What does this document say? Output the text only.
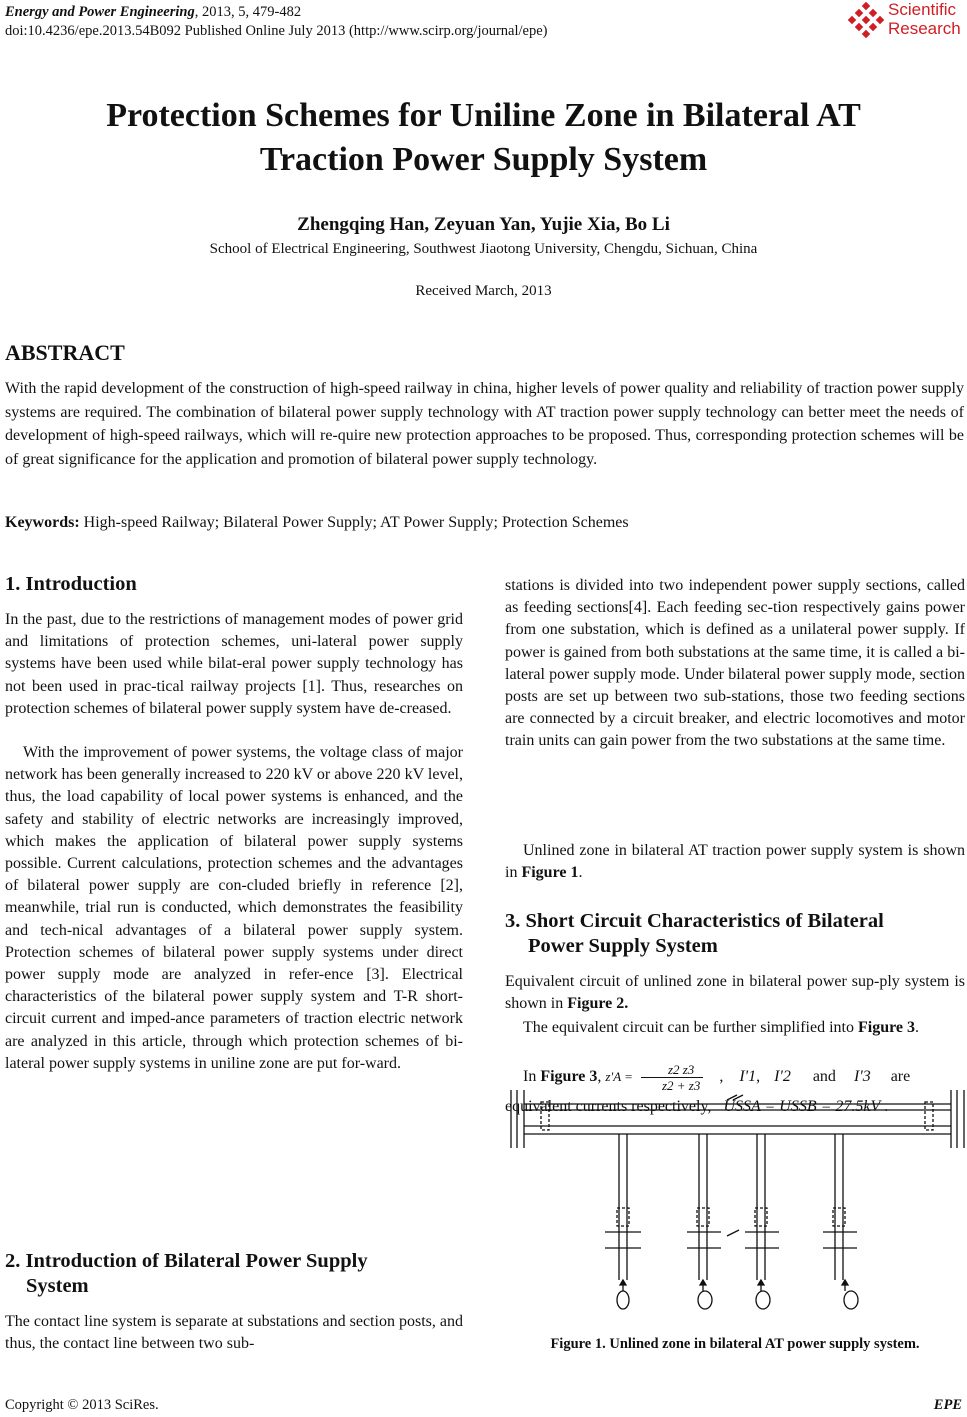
Energy and Power Engineering, 2013, 5, 479-482
doi:10.4236/epe.2013.54B092 Published Online July 2013 (http://www.scirp.org/journal/epe)
Scientific
Research
Protection Schemes for Uniline Zone in Bilateral AT Traction Power Supply System
Zhengqing Han, Zeyuan Yan, Yujie Xia, Bo Li
School of Electrical Engineering, Southwest Jiaotong University, Chengdu, Sichuan, China
Received March, 2013
ABSTRACT
With the rapid development of the construction of high-speed railway in china, higher levels of power quality and reliability of traction power supply systems are required. The combination of bilateral power supply technology with AT traction power supply technology can better meet the needs of development of high-speed railways, which will re-quire new protection approaches to be proposed. Thus, corresponding protection schemes will be of great significance for the application and promotion of bilateral power supply technology.
Keywords: High-speed Railway; Bilateral Power Supply; AT Power Supply; Protection Schemes
1. Introduction

In the past, due to the restrictions of management modes of power grid and limitations of protection schemes, uni-lateral power supply systems have been used while bilat-eral power supply technology has not been used in prac-tical railway projects [1]. Thus, researches on protection schemes of bilateral power supply system have de-creased.

With the improvement of power systems, the voltage class of major network has been generally increased to 220 kV or above 220 kV level, thus, the load capability of local power systems is enhanced, and the safety and stability of electric networks are increasingly improved, which makes the application of bilateral power supply systems possible. Current calculations, protection schemes and the advantages of bilateral power supply are con-cluded briefly in reference [2], meanwhile, trial run is conducted, which demonstrates the feasibility and tech-nical advantages of a bilateral power supply system. Protection schemes of bilateral power supply systems under direct power supply mode are analyzed in refer-ence [3]. Electrical characteristics of the bilateral power supply system and T-R short-circuit current and imped-ance parameters of traction electric network are analyzed in this article, through which protection schemes of bi-lateral power supply systems in uniline zone are put for-ward.

2. Introduction of Bilateral Power Supply
System

The contact line system is separate at substations and section posts, and thus, the contact line between two sub-

stations is divided into two independent power supply sections, called as feeding sections[4]. Each feeding sec-tion respectively gains power from one substation, which is defined as a unilateral power supply. If power is gained from both substations at the same time, it is called a bi- lateral power supply mode. Under bilateral power supply mode, section posts are set up between two sub-stations, those two feeding sections are connected by a circuit breaker, and electric locomotives and motor train units can gain power from the two substations at the same time.

Unlined zone in bilateral AT traction power supply system is shown in Figure 1.

3. Short Circuit Characteristics of Bilateral
Power Supply System

Equivalent circuit of unlined zone in bilateral power sup-ply system is shown in Figure 2.

The equivalent circuit can be further simplified into Figure 3.

In Figure 3, $z'A = \frac{z2 z3}{z2 + z3}$ , I'1, I'2 and I'3 are
equivalent currents respectively, USSA = USSB = 27.5kV .
Figure 1. Unlined zone in bilateral AT power supply system.
Copyright © 2013 SciRes.	EPE
